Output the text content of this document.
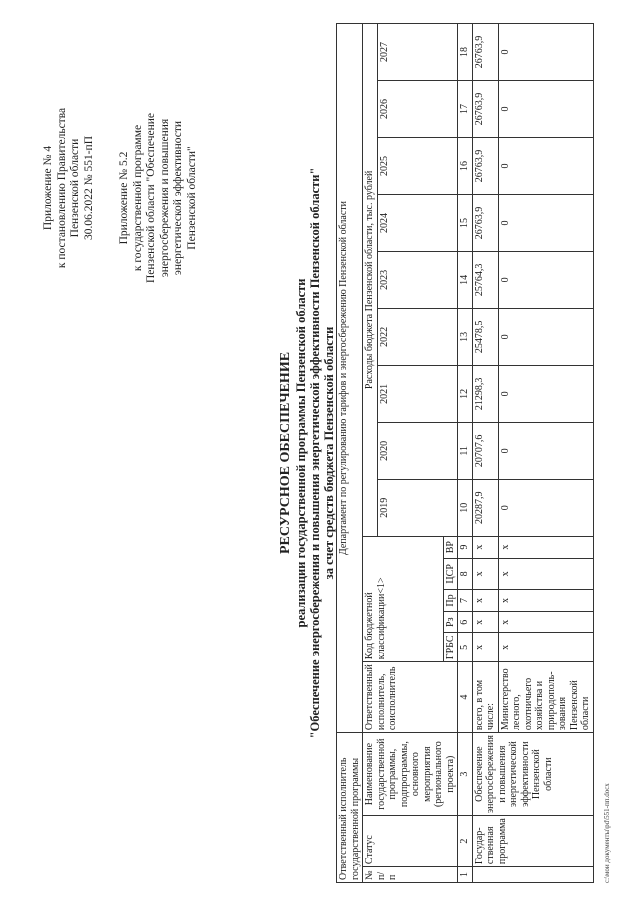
Приложение № 4 к постановлению Правительства Пензенской области 30.06.2022 № 551-пП Приложение № 5.2 к государственной программе Пензенской области "Обеспечение энергосбережения и повышения энергетической эффективности Пензенской области"
РЕСУРСНОЕ ОБЕСПЕЧЕНИЕ реализации государственной программы Пензенской области "Обеспечение энергосбережения и повышения энергетической эффективности Пензенской области" за счет средств бюджета Пензенской области
Ответственный исполнитель государственной программы			Департамент по регулированию тарифов и энергосбережению Пензенской области														
№ п/п	Статус	Наименование государственной программы, подпрограммы, основного мероприятия (регионального проекта)	Ответственный исполнитель, соисполнитель	Код бюджетной классификации<1>					Расходы бюджета Пензенской области, тыс. рублей								
									2019	2020	2021	2022	2023	2024	2025	2026	2027
				ГРБС	Рз	Пр	ЦСР	ВР									
1	2	3	4	5	6	7	8	9	10	11	12	13	14	15	16	17	18
	Государ-ственная программа	Обеспечение энергосбережения и повышения энергетической эффективности Пензенской области	всего, в том числе:	х	х	х	х	х	20287,9	20707,6	21298,3	25478,5	25764,3	26763,9	26763,9	26763,9	26763,9
			Министерство лесного, охотничьего хозяйства и природополь-зования Пензенской области	х	х	х	х	х	0	0	0	0	0	0	0	0	0
c:\мои документы\pd\551-пп.docx
